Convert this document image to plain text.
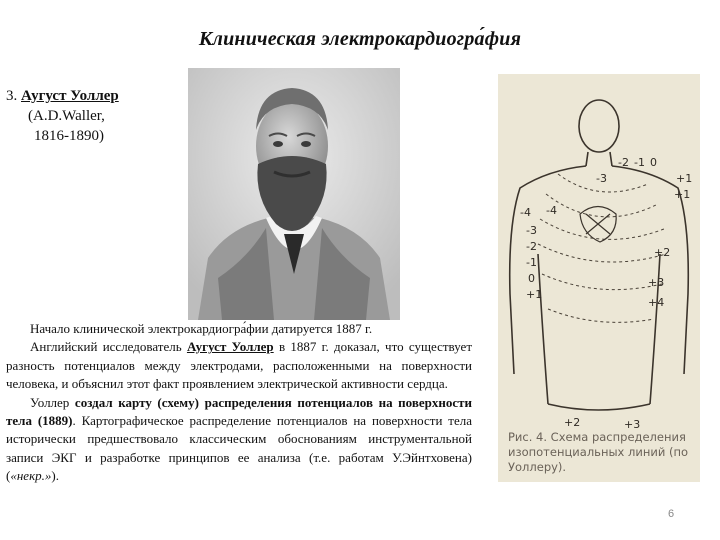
Клиническая электрокардиогра́фия
3. Аугуст Уоллер
(A.D.Waller,
1816-1890)

Начало клинической электрокардиогра́фии датируется 1887 г.

Английский исследователь Аугуст Уоллер в 1887 г. доказал, что существует разность потенциалов между электродами, расположенными на поверхности человека, и объяснил этот факт проявлением электрической активности сердца.

Уоллер создал карту (схему) распределения потенциалов на поверхности тела (1889). Картографическое распределение потенциалов на поверхности тела исторически предшествовало классическим обоснованиям инструментальной записи ЭКГ и разработке принципов ее анализа (т.е. работам У.Эйнтховена) («некр.»).

-2 -1 0
+1
+1
+2
+3
+4
-4
-3
-2
-1
0
+1
-3
-4
+2	+3
Рис. 4. Схема распределения изопотенциальных линий (по Уоллеру).
6
